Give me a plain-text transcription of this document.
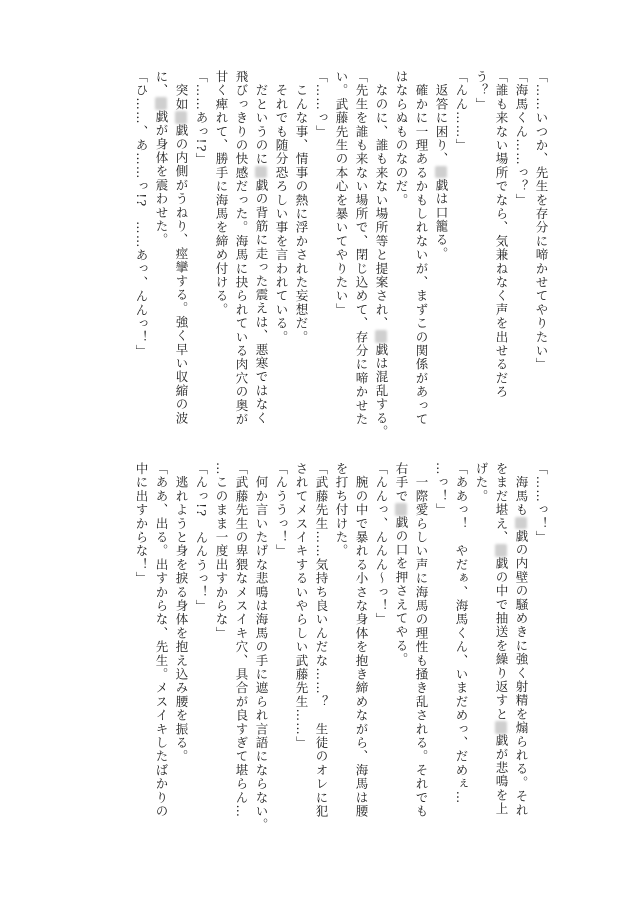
「……いつか、先生を存分に啼かせてやりたい」
「海馬くん……っ？」
「誰も来ない場所でなら、気兼ねなく声を出せるだろ
う？」
「んん……」
　返答に困り、戯は口籠る。
　確かに一理あるかもしれないが、まずこの関係があって
はならぬものなのだ。
　なのに、誰も来ない場所等と提案され、戯は混乱する。
「先生を誰も来ない場所で、閉じ込めて、存分に啼かせた
い。武藤先生の本心を暴いてやりたい」
「……っ」
　こんな事、情事の熱に浮かされた妄想だ。
　それでも随分恐ろしい事を言われている。
　だというのに戯の背筋に走った震えは、悪寒ではなく
飛びっきりの快感だった。海馬に抉られている肉穴の奥が
甘く痺れて、勝手に海馬を締め付ける。
「……あっ!?」
　突如戯の内側がうねり、痙攣する。強く早い収縮の波
に、戯が身体を震わせた。
「ひ……、あ……っ!?　……あっ、んんっ！」
「……っ！」
　海馬も戯の内壁の騒めきに強く射精を煽られる。それ
をまだ堪え、戯の中で抽送を繰り返すと戯が悲鳴を上
げた。
「ああっ！　やだぁ、海馬くん、いまだめっ、だめぇ…
…っ！」
　一際愛らしい声に海馬の理性も掻き乱される。それでも
右手で戯の口を押さえてやる。
「んんっ、んんん～っ！」
　腕の中で暴れる小さな身体を抱き締めながら、海馬は腰
を打ち付けた。
「武藤先生……気持ち良いんだな……？　生徒のオレに犯
されてメスイキするいやらしい武藤先生……」
「んううっ！」
　何か言いたげな悲鳴は海馬の手に遮られ言語にならない。
「武藤先生の卑猥なメスイキ穴、具合が良すぎて堪らん…
…このまま一度出すからな」
「んっ!?　んんうっ！」
　逃れようと身を捩る身体を抱え込み腰を振る。
「ああ、出る。出すからな、先生。メスイキしたばかりの
中に出すからな！」
